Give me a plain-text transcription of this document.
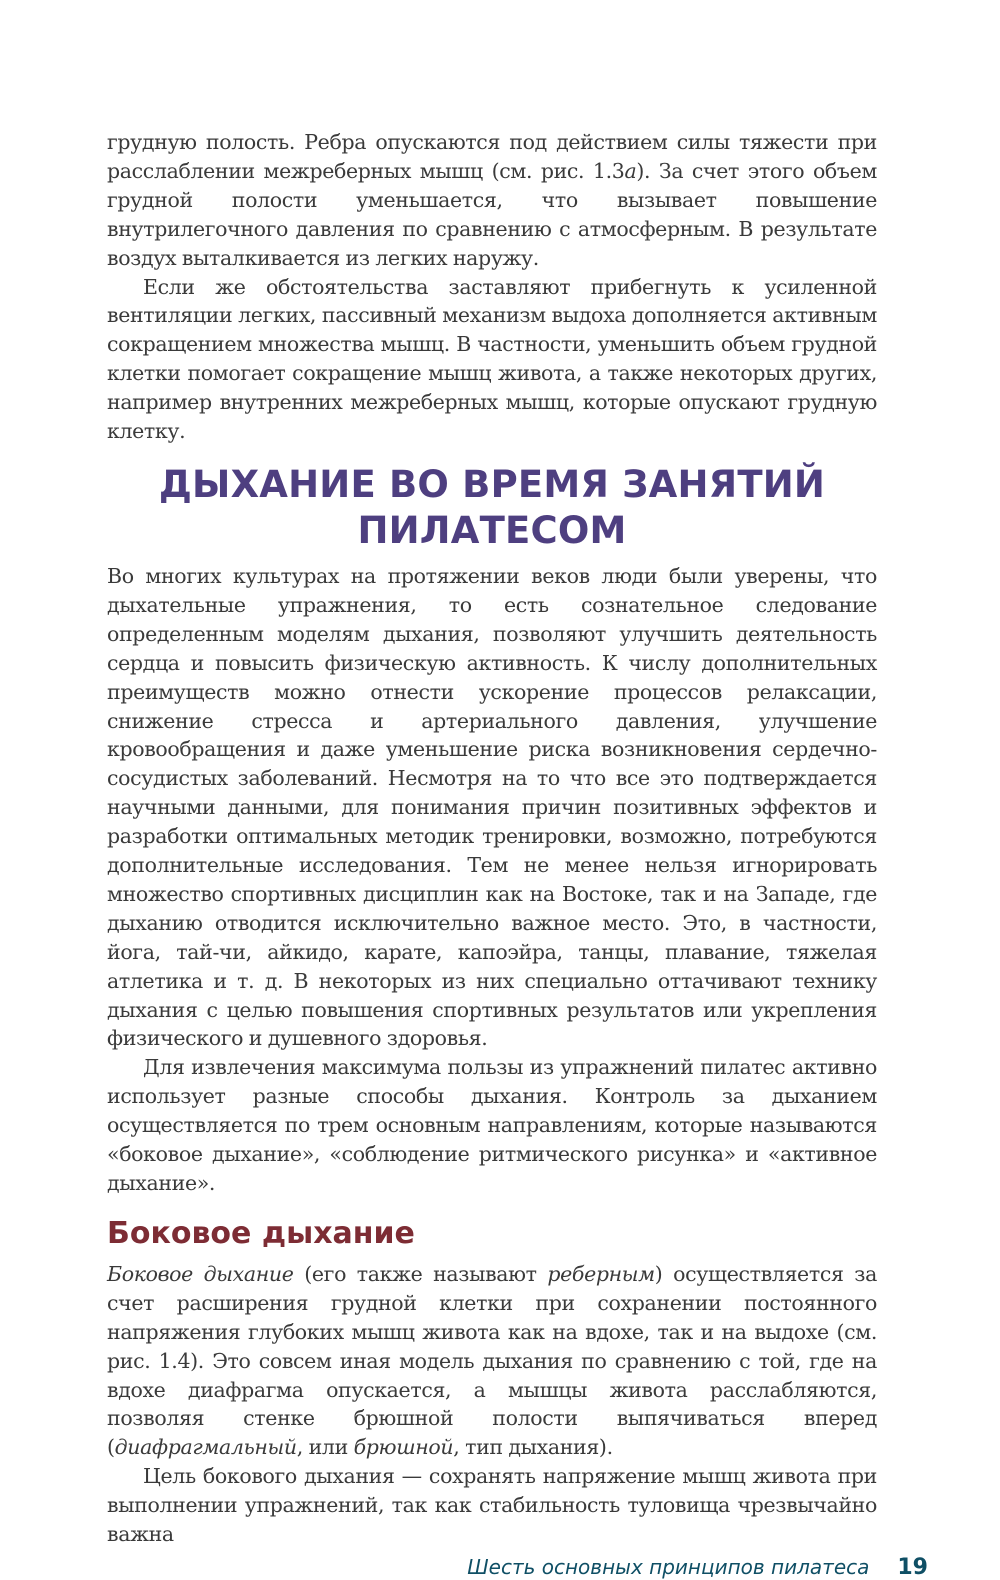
грудную полость. Ребра опускаются под действием силы тяжести при расслаблении межреберных мышц (см. рис. 1.3а). За счет этого объем грудной полости уменьшается, что вызывает повышение внутрилегочного давления по сравнению с атмосферным. В результате воздух выталкивается из легких наружу.

Если же обстоятельства заставляют прибегнуть к усиленной вентиляции легких, пассивный механизм выдоха дополняется активным сокращением множества мышц. В частности, уменьшить объем грудной клетки помогает сокращение мышц живота, а также некоторых других, например внутренних межреберных мышц, которые опускают грудную клетку.

ДЫХАНИЕ ВО ВРЕМЯ ЗАНЯТИЙ ПИЛАТЕСОМ

Во многих культурах на протяжении веков люди были уверены, что дыхательные упражнения, то есть сознательное следование определенным моделям дыхания, позволяют улучшить деятельность сердца и повысить физическую активность. К числу дополнительных преимуществ можно отнести ускорение процессов релаксации, снижение стресса и артериального давления, улучшение кровообращения и даже уменьшение риска возникновения сердечно-сосудистых заболеваний. Несмотря на то что все это подтверждается научными данными, для понимания причин позитивных эффектов и разработки оптимальных методик тренировки, возможно, потребуются дополнительные исследования. Тем не менее нельзя игнорировать множество спортивных дисциплин как на Востоке, так и на Западе, где дыханию отводится исключительно важное место. Это, в частности, йога, тай-чи, айкидо, карате, капоэйра, танцы, плавание, тяжелая атлетика и т. д. В некоторых из них специально оттачивают технику дыхания с целью повышения спортивных результатов или укрепления физического и душевного здоровья.

Для извлечения максимума пользы из упражнений пилатес активно использует разные способы дыхания. Контроль за дыханием осуществляется по трем основным направлениям, которые называются «боковое дыхание», «соблюдение ритмического рисунка» и «активное дыхание».

Боковое дыхание

Боковое дыхание (его также называют реберным) осуществляется за счет расширения грудной клетки при сохранении постоянного напряжения глубоких мышц живота как на вдохе, так и на выдохе (см. рис. 1.4). Это совсем иная модель дыхания по сравнению с той, где на вдохе диафрагма опускается, а мышцы живота расслабляются, позволяя стенке брюшной полости выпячиваться вперед (диафрагмальный, или брюшной, тип дыхания).

Цель бокового дыхания — сохранять напряжение мышц живота при выполнении упражнений, так как стабильность туловища чрезвычайно важна

Шесть основных принципов пилатеса 19
